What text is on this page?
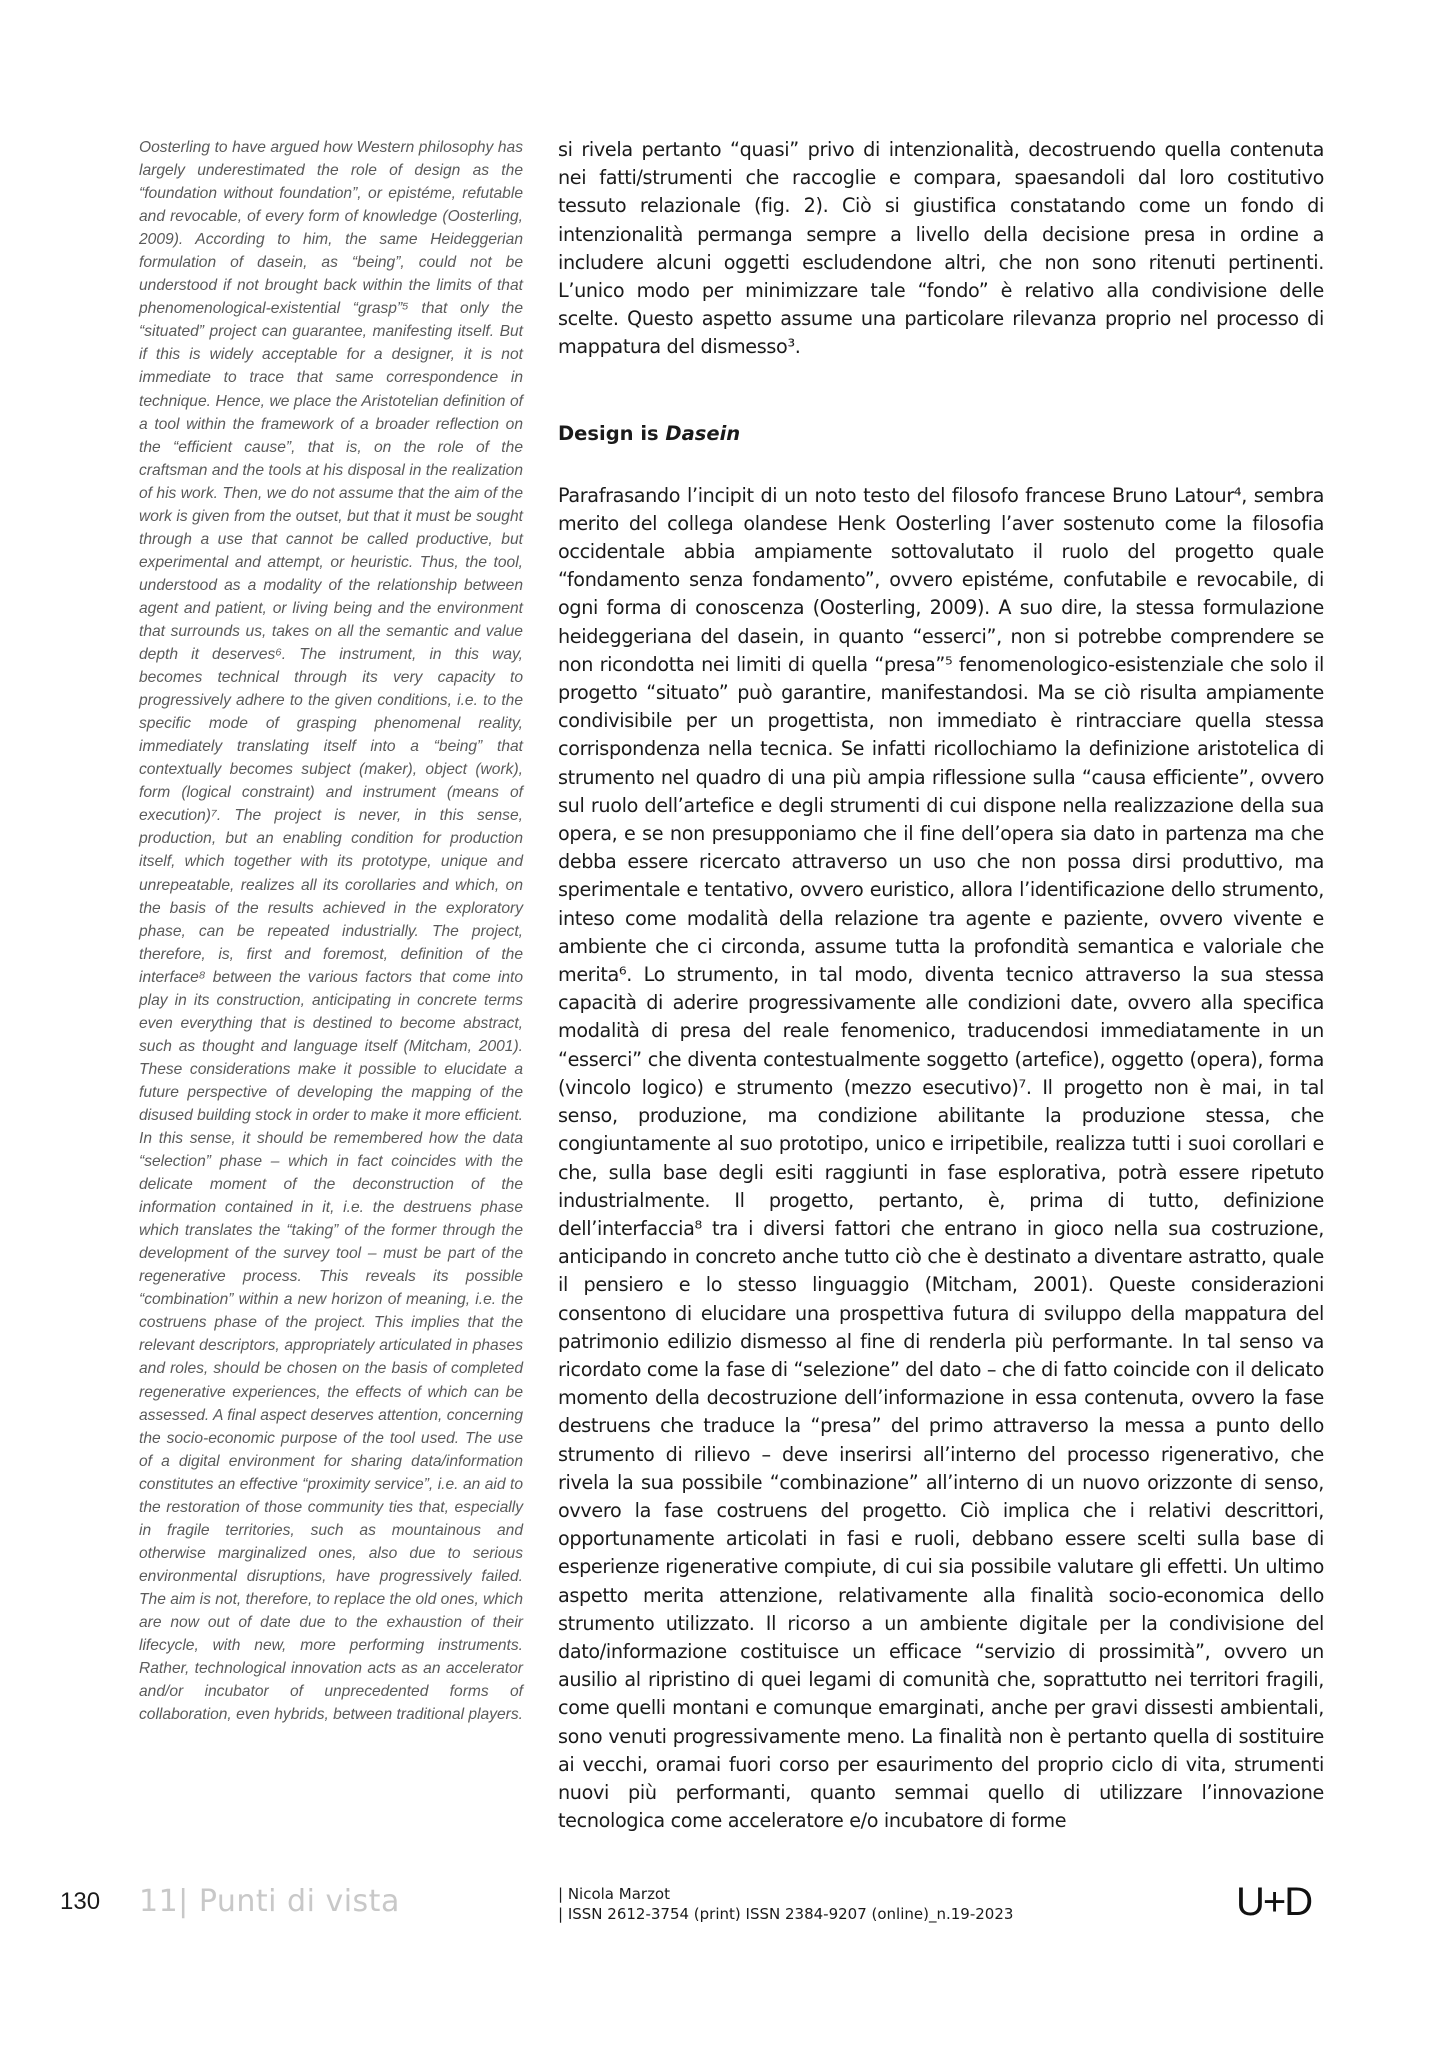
Oosterling to have argued how Western philosophy has largely underestimated the role of design as the “foundation without foundation”, or epistéme, refutable and revocable, of every form of knowledge (Oosterling, 2009). According to him, the same Heideggerian formulation of dasein, as “being”, could not be understood if not brought back within the limits of that phenomenological-existential “grasp”⁵ that only the “situated” project can guarantee, manifesting itself. But if this is widely acceptable for a designer, it is not immediate to trace that same correspondence in technique. Hence, we place the Aristotelian definition of a tool within the framework of a broader reflection on the “efficient cause”, that is, on the role of the craftsman and the tools at his disposal in the realization of his work. Then, we do not assume that the aim of the work is given from the outset, but that it must be sought through a use that cannot be called productive, but experimental and attempt, or heuristic. Thus, the tool, understood as a modality of the relationship between agent and patient, or living being and the environment that surrounds us, takes on all the semantic and value depth it deserves⁶. The instrument, in this way, becomes technical through its very capacity to progressively adhere to the given conditions, i.e. to the specific mode of grasping phenomenal reality, immediately translating itself into a “being” that contextually becomes subject (maker), object (work), form (logical constraint) and instrument (means of execution)⁷. The project is never, in this sense, production, but an enabling condition for production itself, which together with its prototype, unique and unrepeatable, realizes all its corollaries and which, on the basis of the results achieved in the exploratory phase, can be repeated industrially. The project, therefore, is, first and foremost, definition of the interface⁸ between the various factors that come into play in its construction, anticipating in concrete terms even everything that is destined to become abstract, such as thought and language itself (Mitcham, 2001). These considerations make it possible to elucidate a future perspective of developing the mapping of the disused building stock in order to make it more efficient. In this sense, it should be remembered how the data “selection” phase – which in fact coincides with the delicate moment of the deconstruction of the information contained in it, i.e. the destruens phase which translates the “taking” of the former through the development of the survey tool – must be part of the regenerative process. This reveals its possible “combination” within a new horizon of meaning, i.e. the costruens phase of the project. This implies that the relevant descriptors, appropriately articulated in phases and roles, should be chosen on the basis of completed regenerative experiences, the effects of which can be assessed. A final aspect deserves attention, concerning the socio-economic purpose of the tool used. The use of a digital environment for sharing data/information constitutes an effective “proximity service”, i.e. an aid to the restoration of those community ties that, especially in fragile territories, such as mountainous and otherwise marginalized ones, also due to serious environmental disruptions, have progressively failed. The aim is not, therefore, to replace the old ones, which are now out of date due to the exhaustion of their lifecycle, with new, more performing instruments. Rather, technological innovation acts as an accelerator and/or incubator of unprecedented forms of collaboration, even hybrids, between traditional players.

si rivela pertanto “quasi” privo di intenzionalità, decostruendo quella contenuta nei fatti/strumenti che raccoglie e compara, spaesandoli dal loro costitutivo tessuto relazionale (fig. 2). Ciò si giustifica constatando come un fondo di intenzionalità permanga sempre a livello della decisione presa in ordine a includere alcuni oggetti escludendone altri, che non sono ritenuti pertinenti. L’unico modo per minimizzare tale “fondo” è relativo alla condivisione delle scelte. Questo aspetto assume una particolare rilevanza proprio nel processo di mappatura del dismesso³.

Design is Dasein

Parafrasando l’incipit di un noto testo del filosofo francese Bruno Latour⁴, sembra merito del collega olandese Henk Oosterling l’aver sostenuto come la filosofia occidentale abbia ampiamente sottovalutato il ruolo del progetto quale “fondamento senza fondamento”, ovvero epistéme, confutabile e revocabile, di ogni forma di conoscenza (Oosterling, 2009). A suo dire, la stessa formulazione heideggeriana del dasein, in quanto “esserci”, non si potrebbe comprendere se non ricondotta nei limiti di quella “presa”⁵ fenomenologico-esistenziale che solo il progetto “situato” può garantire, manifestandosi. Ma se ciò risulta ampiamente condivisibile per un progettista, non immediato è rintracciare quella stessa corrispondenza nella tecnica. Se infatti ricollochiamo la definizione aristotelica di strumento nel quadro di una più ampia riflessione sulla “causa efficiente”, ovvero sul ruolo dell’artefice e degli strumenti di cui dispone nella realizzazione della sua opera, e se non presupponiamo che il fine dell’opera sia dato in partenza ma che debba essere ricercato attraverso un uso che non possa dirsi produttivo, ma sperimentale e tentativo, ovvero euristico, allora l’identificazione dello strumento, inteso come modalità della relazione tra agente e paziente, ovvero vivente e ambiente che ci circonda, assume tutta la profondità semantica e valoriale che merita⁶. Lo strumento, in tal modo, diventa tecnico attraverso la sua stessa capacità di aderire progressivamente alle condizioni date, ovvero alla specifica modalità di presa del reale fenomenico, traducendosi immediatamente in un “esserci” che diventa contestualmente soggetto (artefice), oggetto (opera), forma (vincolo logico) e strumento (mezzo esecutivo)⁷. Il progetto non è mai, in tal senso, produzione, ma condizione abilitante la produzione stessa, che congiuntamente al suo prototipo, unico e irripetibile, realizza tutti i suoi corollari e che, sulla base degli esiti raggiunti in fase esplorativa, potrà essere ripetuto industrialmente. Il progetto, pertanto, è, prima di tutto, definizione dell’interfaccia⁸ tra i diversi fattori che entrano in gioco nella sua costruzione, anticipando in concreto anche tutto ciò che è destinato a diventare astratto, quale il pensiero e lo stesso linguaggio (Mitcham, 2001). Queste considerazioni consentono di elucidare una prospettiva futura di sviluppo della mappatura del patrimonio edilizio dismesso al fine di renderla più performante. In tal senso va ricordato come la fase di “selezione” del dato – che di fatto coincide con il delicato momento della decostruzione dell’informazione in essa contenuta, ovvero la fase destruens che traduce la “presa” del primo attraverso la messa a punto dello strumento di rilievo – deve inserirsi all’interno del processo rigenerativo, che rivela la sua possibile “combinazione” all’interno di un nuovo orizzonte di senso, ovvero la fase costruens del progetto. Ciò implica che i relativi descrittori, opportunamente articolati in fasi e ruoli, debbano essere scelti sulla base di esperienze rigenerative compiute, di cui sia possibile valutare gli effetti. Un ultimo aspetto merita attenzione, relativamente alla finalità socio-economica dello strumento utilizzato. Il ricorso a un ambiente digitale per la condivisione del dato/informazione costituisce un efficace “servizio di prossimità”, ovvero un ausilio al ripristino di quei legami di comunità che, soprattutto nei territori fragili, come quelli montani e comunque emarginati, anche per gravi dissesti ambientali, sono venuti progressivamente meno. La finalità non è pertanto quella di sostituire ai vecchi, oramai fuori corso per esaurimento del proprio ciclo di vita, strumenti nuovi più performanti, quanto semmai quello di utilizzare l’innovazione tecnologica come acceleratore e/o incubatore di forme

130 11| Punti di vista	| Nicola Marzot
| ISSN 2612-3754 (print) ISSN 2384-9207 (online)_n.19-2023	U+D
